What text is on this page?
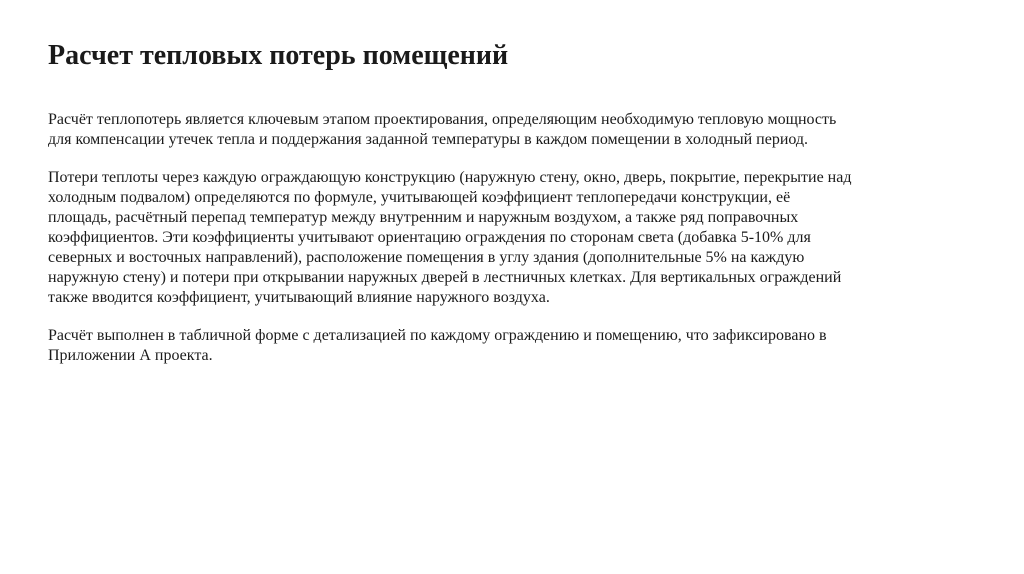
Расчет тепловых потерь помещений

Расчёт теплопотерь является ключевым этапом проектирования, определяющим необходимую тепловую мощность
для компенсации утечек тепла и поддержания заданной температуры в каждом помещении в холодный период.

Потери теплоты через каждую ограждающую конструкцию (наружную стену, окно, дверь, покрытие, перекрытие над
холодным подвалом) определяются по формуле, учитывающей коэффициент теплопередачи конструкции, её
площадь, расчётный перепад температур между внутренним и наружным воздухом, а также ряд поправочных
коэффициентов. Эти коэффициенты учитывают ориентацию ограждения по сторонам света (добавка 5-10% для
северных и восточных направлений), расположение помещения в углу здания (дополнительные 5% на каждую
наружную стену) и потери при открывании наружных дверей в лестничных клетках. Для вертикальных ограждений
также вводится коэффициент, учитывающий влияние наружного воздуха.

Расчёт выполнен в табличной форме с детализацией по каждому ограждению и помещению, что зафиксировано в
Приложении А проекта.
